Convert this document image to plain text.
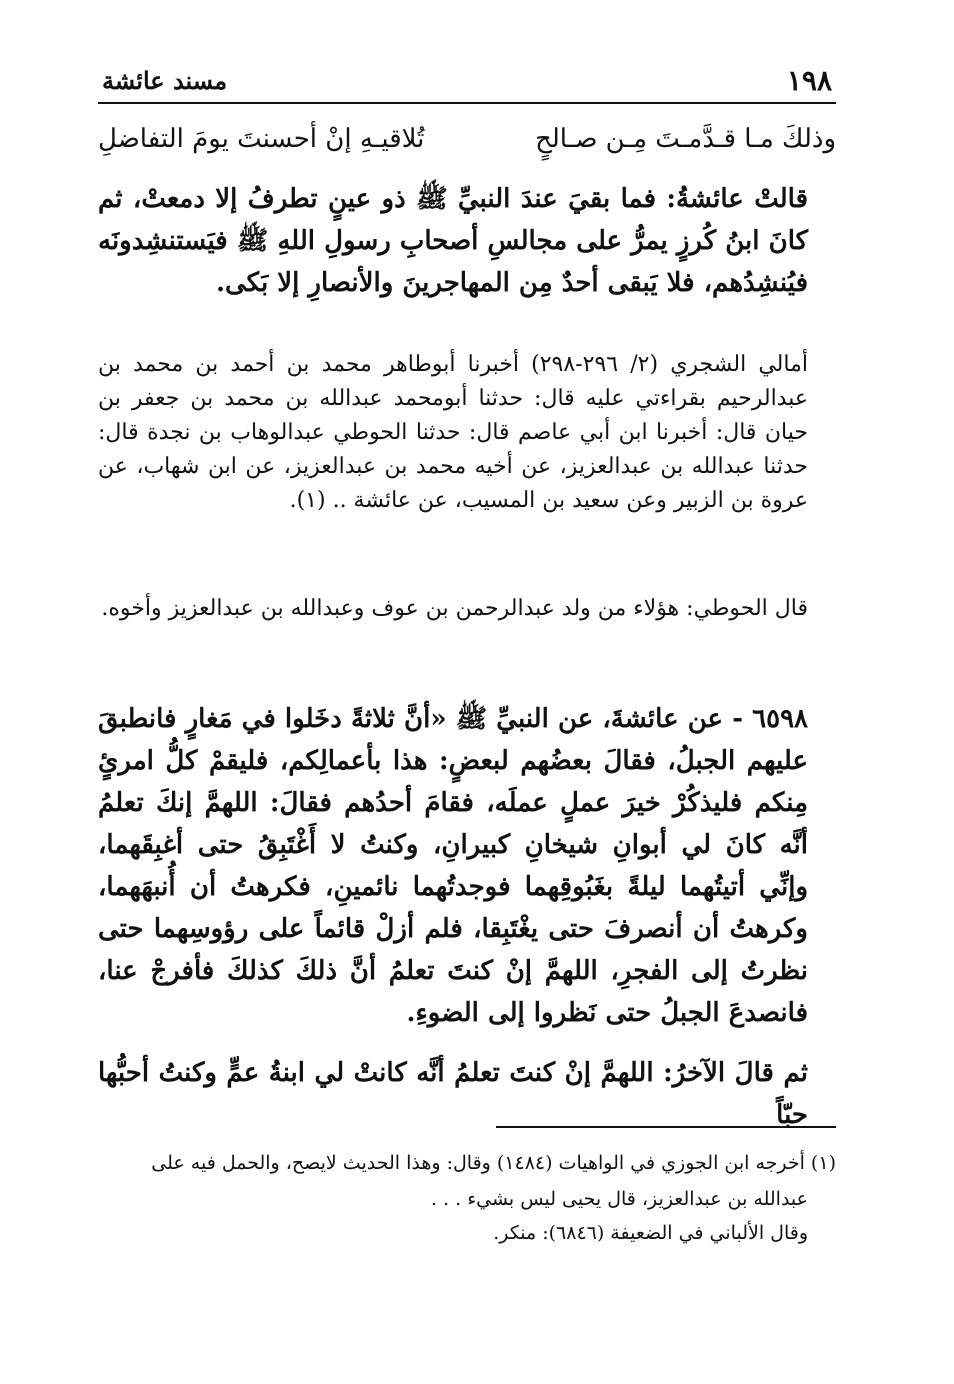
١٩٨
مسند عائشة
وذلكَ مـا قـدَّمـتَ مِـن صـالحٍ
تُلاقيـهِ إنْ أحسنتَ يومَ التفاضلِ

قالتْ عائشةُ: فما بقيَ عندَ النبيِّ ﷺ ذو عينٍ تطرفُ إلا دمعتْ، ثم كانَ ابنُ كُرزٍ يمرُّ على مجالسِ أصحابِ رسولِ اللهِ ﷺ فيَستنشِدونَه فيُنشِدُهم، فلا يَبقى أحدٌ مِن المهاجرينَ والأنصارِ إلا بَكى.

أمالي الشجري (٢/ ٢٩٦-٢٩٨) أخبرنا أبوطاهر محمد بن أحمد بن محمد بن عبدالرحيم بقراءتي عليه قال: حدثنا أبومحمد عبدالله بن محمد بن جعفر بن حيان قال: أخبرنا ابن أبي عاصم قال: حدثنا الحوطي عبدالوهاب بن نجدة قال: حدثنا عبدالله بن عبدالعزيز، عن أخيه محمد بن عبدالعزيز، عن ابن شهاب، عن عروة بن الزبير وعن سعيد بن المسيب، عن عائشة .. (١).

قال الحوطي: هؤلاء من ولد عبدالرحمن بن عوف وعبدالله بن عبدالعزيز وأخوه.

٦٥٩٨ - عن عائشةَ، عن النبيِّ ﷺ «أنَّ ثلاثةً دخَلوا في مَغارٍ فانطبقَ عليهم الجبلُ، فقالَ بعضُهم لبعضٍ: هذا بأعمالِكم، فليقمْ كلُّ امرئٍ مِنكم فليذكُرْ خيرَ عملٍ عملَه، فقامَ أحدُهم فقالَ: اللهمَّ إنكَ تعلمُ أنَّه كانَ لي أبوانِ شيخانِ كبيرانِ، وكنتُ لا أَغْتَبِقُ حتى أغبِقَهما، وإنِّي أتيتُهما ليلةً بغَبُوقِهما فوجدتُهما نائمينِ، فكرهتُ أن أُنبهَهما، وكرهتُ أن أنصرفَ حتى يغْتَبِقا، فلم أزلْ قائماً على رؤوسِهما حتى نظرتُ إلى الفجرِ، اللهمَّ إنْ كنتَ تعلمُ أنَّ ذلكَ كذلكَ فأفرجْ عنا، فانصدعَ الجبلُ حتى نَظروا إلى الضوءِ.

ثم قالَ الآخرُ: اللهمَّ إنْ كنتَ تعلمُ أنَّه كانتْ لي ابنةُ عمٍّ وكنتُ أحبُّها حبّاً

(١) أخرجه ابن الجوزي في الواهيات (١٤٨٤) وقال: وهذا الحديث لايصح، والحمل فيه على
عبدالله بن عبدالعزيز، قال يحيى ليس بشيء . . .
وقال الألباني في الضعيفة (٦٨٤٦): منكر.
